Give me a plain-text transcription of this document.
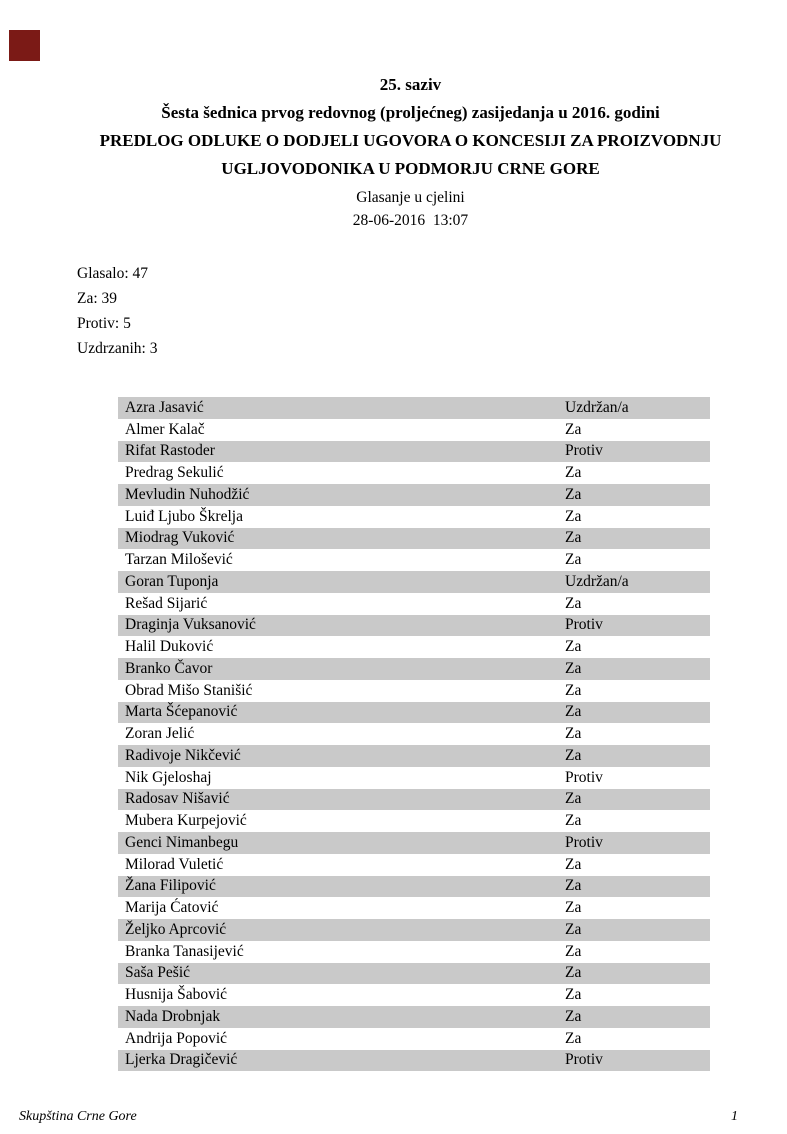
25. saziv
Šesta šednica prvog redovnog (proljećneg) zasijedanja u 2016. godini
PREDLOG ODLUKE O DODJELI UGOVORA O KONCESIJI ZA PROIZVODNJU
UGLJOVODONIKA U PODMORJU CRNE GORE
Glasanje u cjelini
28-06-2016  13:07
Glasalo: 47
Za: 39
Protiv: 5
Uzdrzanih: 3
Azra Jasavić	Uzdržan/a
Almer Kalač	Za
Rifat Rastoder	Protiv
Predrag Sekulić	Za
Mevludin Nuhodžić	Za
Luiđ Ljubo Škrelja	Za
Miodrag Vuković	Za
Tarzan Milošević	Za
Goran Tuponja	Uzdržan/a
Rešad Sijarić	Za
Draginja Vuksanović	Protiv
Halil Duković	Za
Branko Čavor	Za
Obrad Mišo Stanišić	Za
Marta Šćepanović	Za
Zoran Jelić	Za
Radivoje Nikčević	Za
Nik Gjeloshaj	Protiv
Radosav Nišavić	Za
Mubera Kurpejović	Za
Genci Nimanbegu	Protiv
Milorad Vuletić	Za
Žana Filipović	Za
Marija Ćatović	Za
Željko Aprcović	Za
Branka Tanasijević	Za
Saša Pešić	Za
Husnija Šabović	Za
Nada Drobnjak	Za
Andrija Popović	Za
Ljerka Dragičević	Protiv
Skupština Crne Gore	1
